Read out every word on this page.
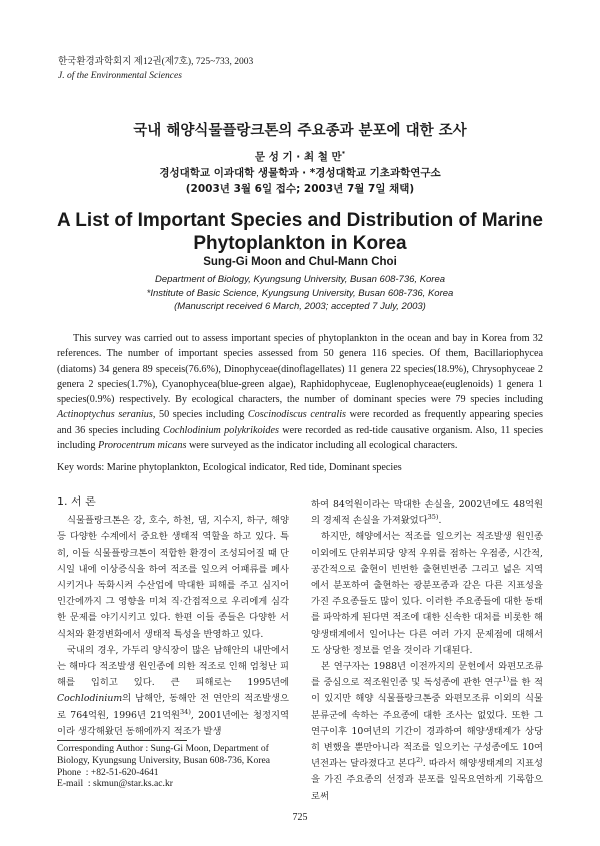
한국환경과학회지 제12권(제7호), 725~733, 2003
J. of the Environmental Sciences
국내 해양식물플랑크톤의 주요종과 분포에 대한 조사
문 성 기 · 최 철 만*
경성대학교 이과대학 생물학과 · *경성대학교 기초과학연구소
(2003년 3월 6일 접수; 2003년 7월 7일 채택)
A List of Important Species and Distribution of Marine
Phytoplankton in Korea
Sung-Gi Moon and Chul-Mann Choi
Department of Biology, Kyungsung University, Busan 608-736, Korea
*Institute of Basic Science, Kyungsung University, Busan 608-736, Korea
(Manuscript received 6 March, 2003; accepted 7 July, 2003)

This survey was carried out to assess important species of phytoplankton in the ocean and bay in Korea from 32 references. The number of important species assessed from 50 genera 116 species. Of them, Bacillariophycea (diatoms) 34 genera 89 speceis(76.6%), Dinophyceae(dinoflagellates) 11 genera 22 species(18.9%), Chrysophyceae 2 genera 2 species(1.7%), Cyanophycea(blue-green algae), Raphidophyceae, Euglenophyceae(euglenoids) 1 genera 1 species(0.9%) respectively. By ecological characters, the number of dominant species were 79 species including Actinoptychus seranius, 50 species including Coscinodiscus centralis were recorded as frequently appearing species and 36 species including Cochlodinium polykrikoides were recorded as red-tide causative organism. Also, 11 species including Prorocentrum micans were surveyed as the indicator including all ecological characters.

Key words: Marine phytoplankton, Ecological indicator, Red tide, Dominant species
1. 서 론

식물플랑크톤은 강, 호수, 하천, 댐, 지수지, 하구, 해양 등 다양한 수계에서 중요한 생태적 역할을 하고 있다. 특히, 이들 식물플랑크톤이 적합한 환경이 조성되어질 때 단시일 내에 이상증식을 하여 적조를 일으켜 어패류를 폐사시키거나 독화시켜 수산업에 막대한 피해를 주고 심지어 인간에까지 그 영향을 미쳐 직·간접적으로 우리에게 심각한 문제를 야기시키고 있다. 한편 이들 종들은 다양한 서식처와 환경변화에서 생태적 특성을 반영하고 있다.

국내의 경우, 가두리 양식장이 많은 남해안의 내만에서는 해마다 적조발생 원인종에 의한 적조로 인해 엄청난 피해를 입히고 있다. 큰 피해로는 1995년에 Cochlodinium의 남해안, 동해안 전 연안의 적조발생으로 764억원, 1996년 21억원$^{34)}$, 2001년에는 청정지역이라 생각해왔던 동해에까지 적조가 발생

하여 84억원이라는 막대한 손실을, 2002년에도 48억원의 경제적 손실을 가져왔었다$^{35)}$.

하지만, 해양에서는 적조를 일으키는 적조발생 원인종 이외에도 단위부피당 양적 우위를 점하는 우점종, 시간적, 공간적으로 출현이 빈번한 출현빈번종 그리고 넓은 지역에서 분포하여 출현하는 광분포종과 같은 다른 지표성을 가진 주요종들도 많이 있다. 이러한 주요종들에 대한 동태를 파악하게 된다면 적조에 대한 신속한 대처를 비롯한 해양생태계에서 일어나는 다른 여러 가지 문제점에 대해서도 상당한 정보를 얻을 것이라 기대된다.

본 연구자는 1988년 이전까지의 문헌에서 와편모조류를 중심으로 적조원인종 및 독성종에 관한 연구$^{1)}$를 한 적이 있지만 해양 식물플랑크톤중 와편모조류 이외의 식물분류군에 속하는 주요종에 대한 조사는 없었다. 또한 그 연구이후 10여년의 기간이 경과하여 해양생태계가 상당히 변했을 뿐만아니라 적조를 일으키는 구성종에도 10여년전과는 달라졌다고 본다$^{2)}$. 따라서 해양생태계의 지표성을 가진 주요종의 선정과 분포를 일목요연하게 기록함으로써

Corresponding Author : Sung-Gi Moon, Department of
Biology, Kyungsung University, Busan 608-736, Korea
Phone  : +82-51-620-4641
E-mail  : skmun@star.ks.ac.kr
725
